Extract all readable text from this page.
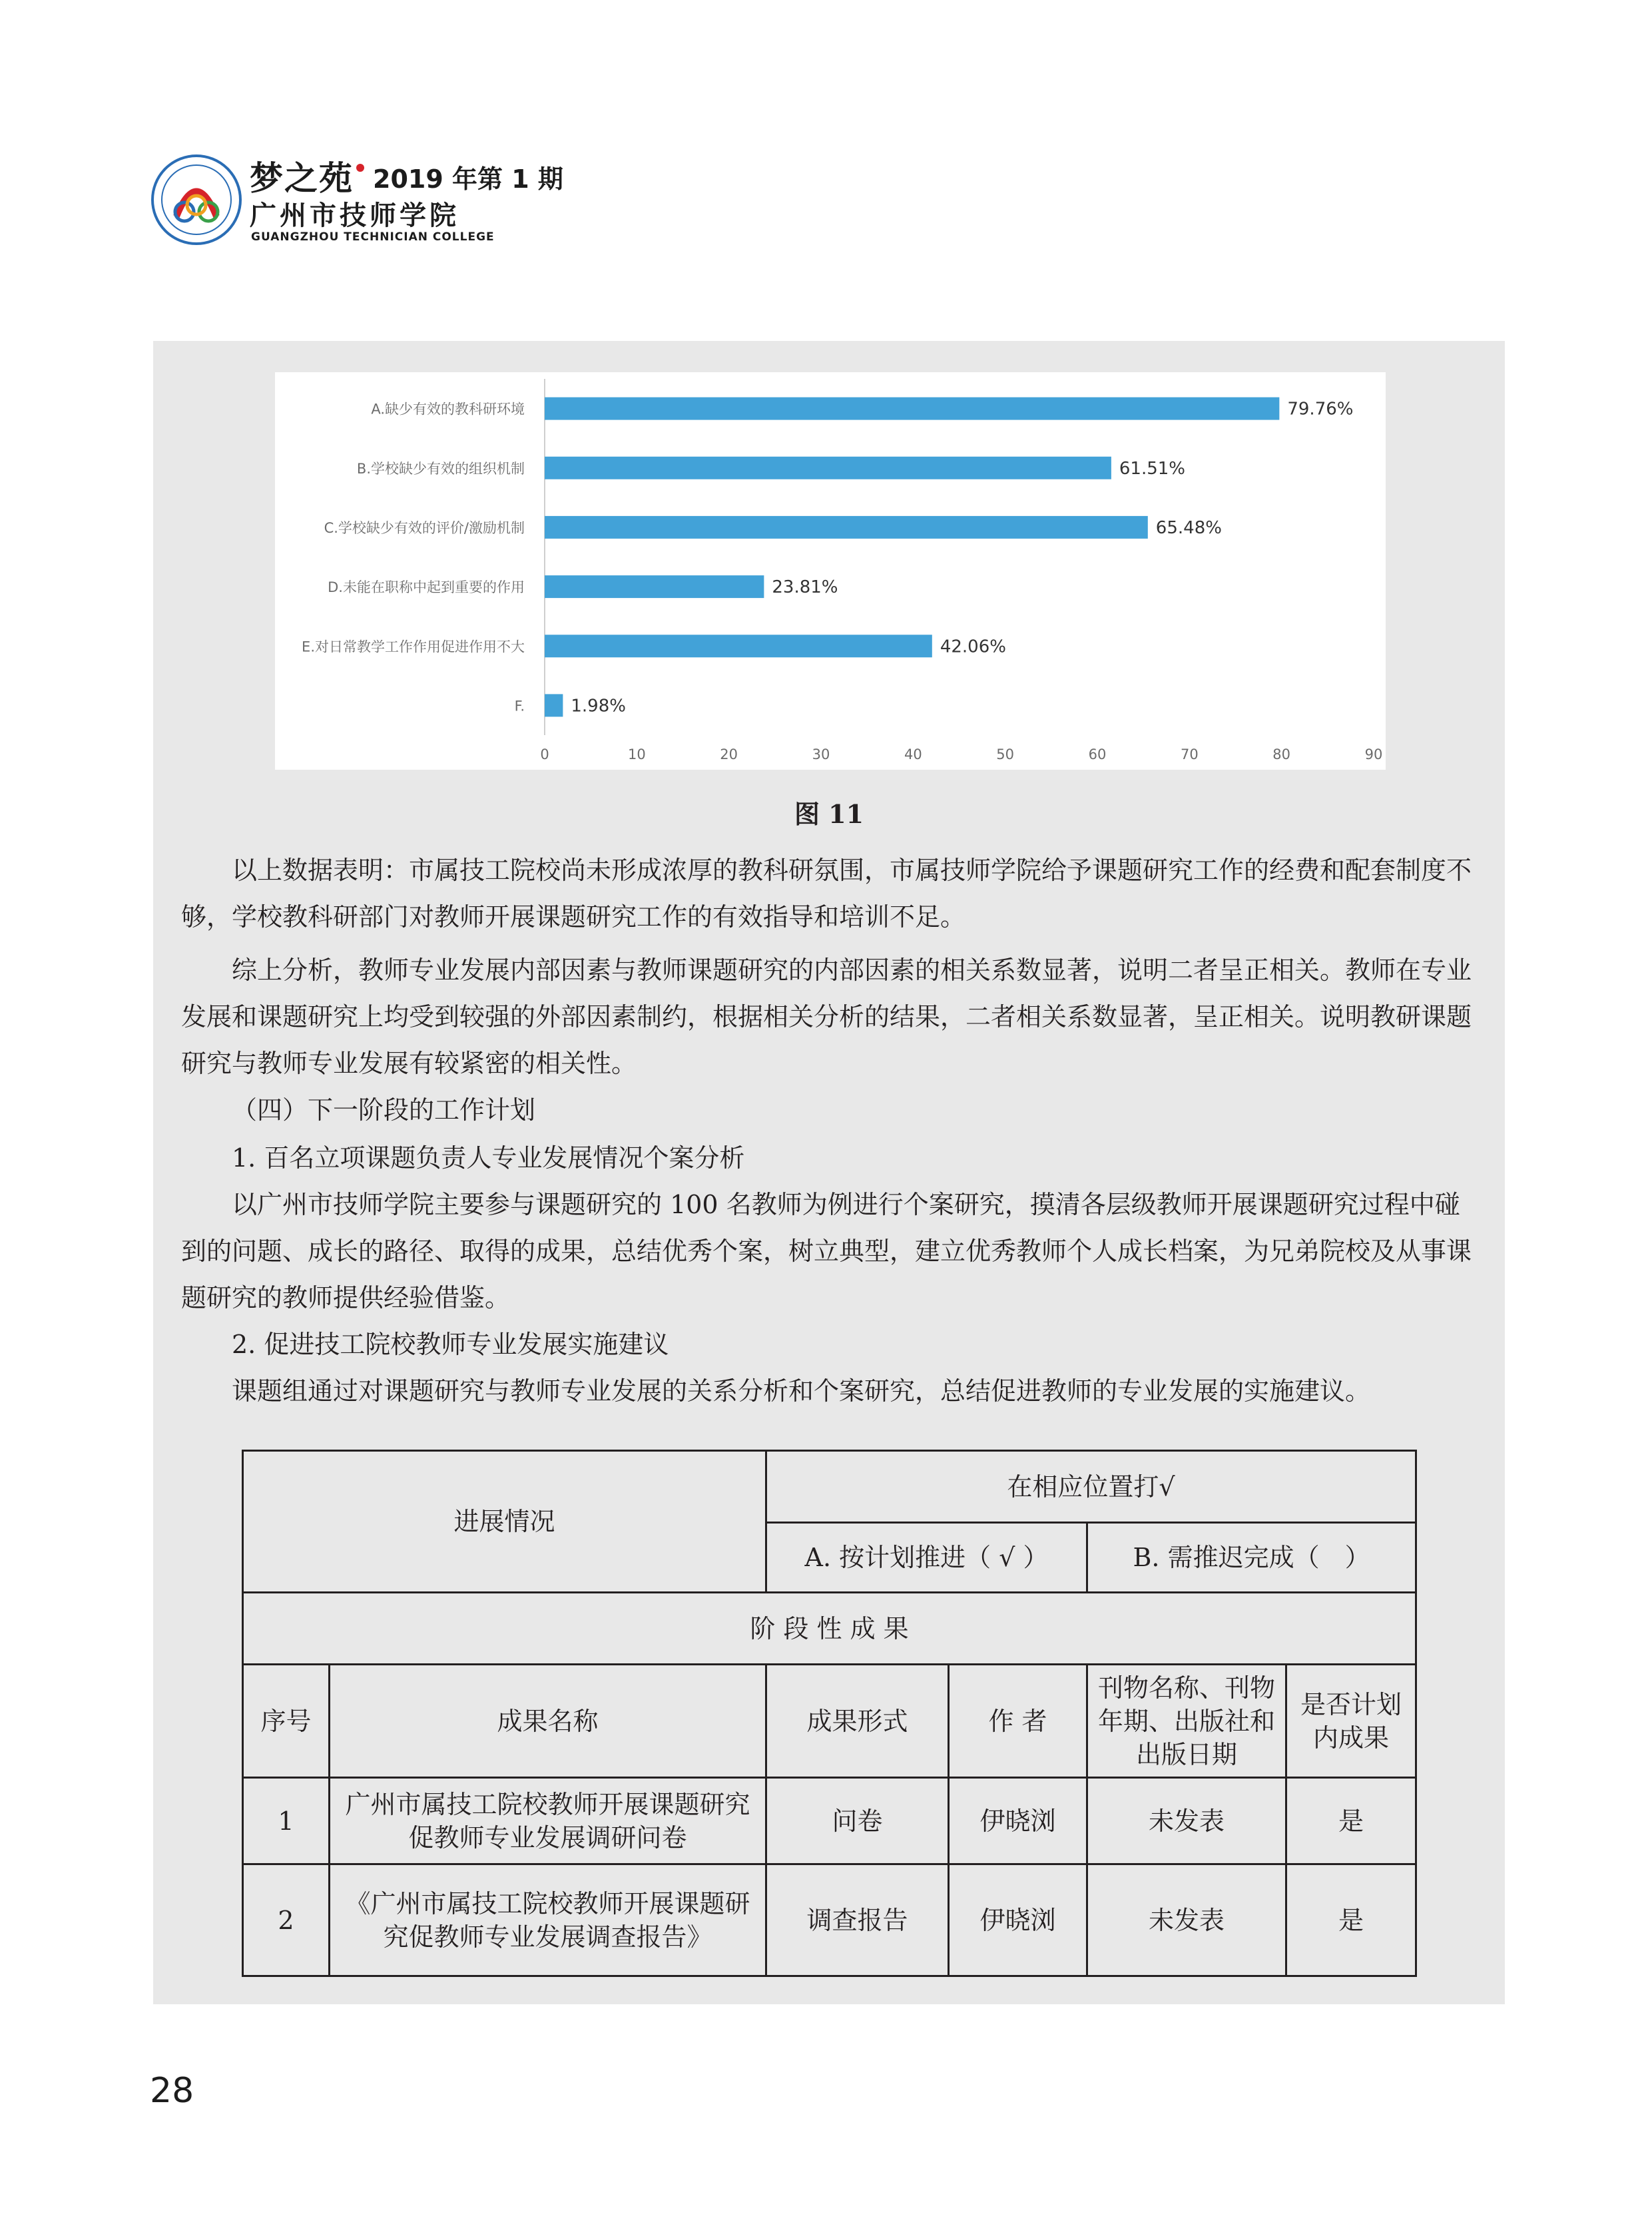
梦之苑 2019 年第 1 期
广州市技师学院
GUANGZHOU TECHNICIAN COLLEGE
A.缺少有效的教科研环境	79.76%
B.学校缺少有效的组织机制	61.51%
C.学校缺少有效的评价/激励机制	65.48%
D.未能在职称中起到重要的作用	23.81%
E.对日常教学工作作用促进作用不大	42.06%
F.	1.98%
0	10	20	30	40	50	60	70	80	90
图 11

以上数据表明：市属技工院校尚未形成浓厚的教科研氛围，市属技师学院给予课题研究工作的经费和配套制度不够，学校教科研部门对教师开展课题研究工作的有效指导和培训不足。

综上分析，教师专业发展内部因素与教师课题研究的内部因素的相关系数显著，说明二者呈正相关。教师在专业发展和课题研究上均受到较强的外部因素制约，根据相关分析的结果，二者相关系数显著，呈正相关。说明教研课题研究与教师专业发展有较紧密的相关性。

（四）下一阶段的工作计划

1. 百名立项课题负责人专业发展情况个案分析

以广州市技师学院主要参与课题研究的 100 名教师为例进行个案研究，摸清各层级教师开展课题研究过程中碰到的问题、成长的路径、取得的成果，总结优秀个案，树立典型，建立优秀教师个人成长档案，为兄弟院校及从事课题研究的教师提供经验借鉴。

2. 促进技工院校教师专业发展实施建议

课题组通过对课题研究与教师专业发展的关系分析和个案研究，总结促进教师的专业发展的实施建议。

进展情况		在相应位置打√			
		A. 按计划推进（ √ ）		B. 需推迟完成（　）	
阶 段 性 成 果					
序号	成果名称	成果形式	作 者	刊物名称、刊物年期、出版社和出版日期	是否计划内成果
1	广州市属技工院校教师开展课题研究促教师专业发展调研问卷	问卷	伊晓浏	未发表	是
2	《广州市属技工院校教师开展课题研究促教师专业发展调查报告》	调查报告	伊晓浏	未发表	是
28
